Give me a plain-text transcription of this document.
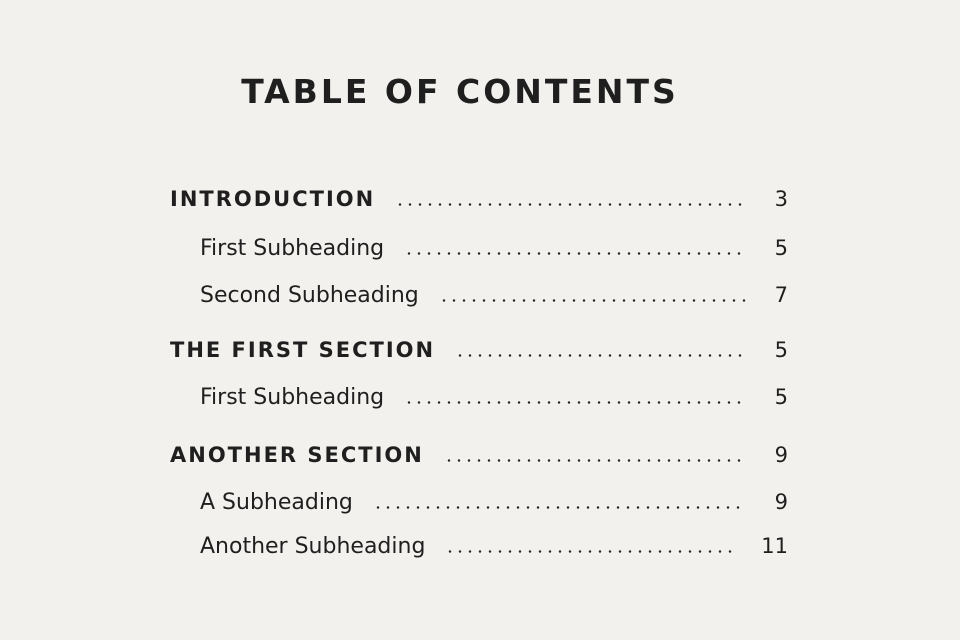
TABLE OF CONTENTS
INTRODUCTION	3
First Subheading	5
Second Subheading	7
THE FIRST SECTION	5
First Subheading	5
ANOTHER SECTION	9
A Subheading	9
Another Subheading	11
